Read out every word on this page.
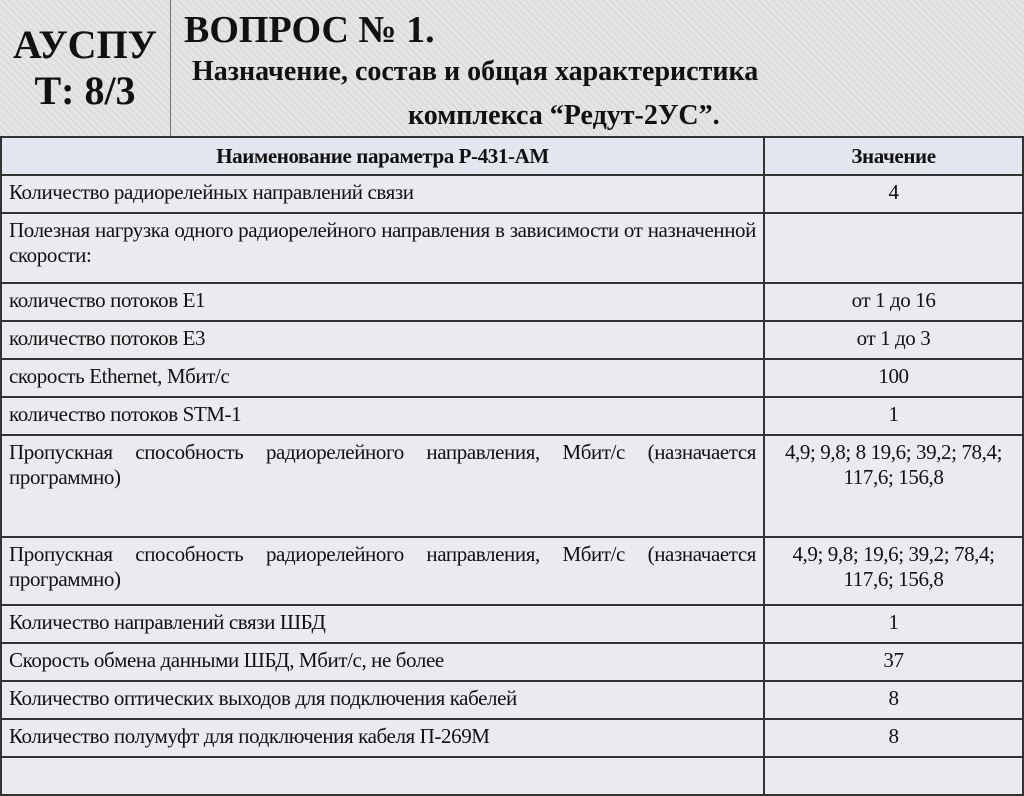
АУСПУ
Т: 8/3
ВОПРОС № 1.
Назначение, состав и общая характеристика
комплекса “Редут-2УС”.
Наименование параметра Р-431-АМ	Значение
Количество радиорелейных направлений связи	4
Полезная нагрузка одного радиорелейного направления в зависимости от назначенной скорости:	
количество потоков Е1	от 1 до 16
количество потоков Е3	от 1 до 3
скорость Ethernet, Мбит/с	100
количество потоков STM-1	1
Пропускная способность радиорелейного направления, Мбит/с (назначается программно)	4,9; 9,8; 8 19,6; 39,2; 78,4; 117,6; 156,8
Пропускная способность радиорелейного направления, Мбит/с (назначается программно)	4,9; 9,8; 19,6; 39,2; 78,4; 117,6; 156,8
Количество направлений связи ШБД	1
Скорость обмена данными ШБД, Мбит/с, не более	37
Количество оптических выходов для подключения кабелей	8
Количество полумуфт для подключения кабеля П-269М	8
